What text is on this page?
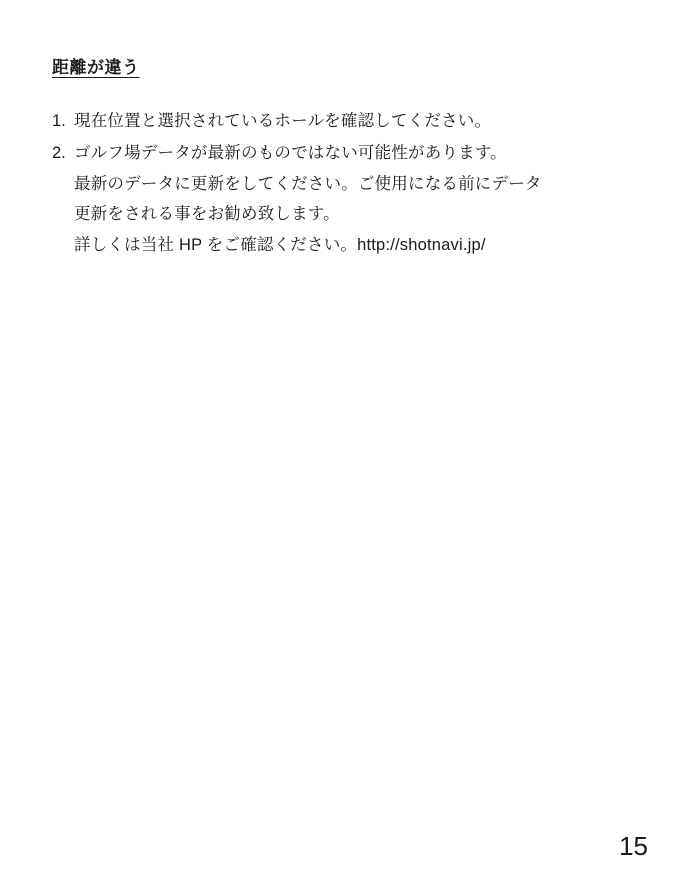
距離が違う
1. 現在位置と選択されているホールを確認してください。
2. ゴルフ場データが最新のものではない可能性があります。
最新のデータに更新をしてください。ご使用になる前にデータ
更新をされる事をお勧め致します。
詳しくは当社 HP をご確認ください。http://shotnavi.jp/
15
